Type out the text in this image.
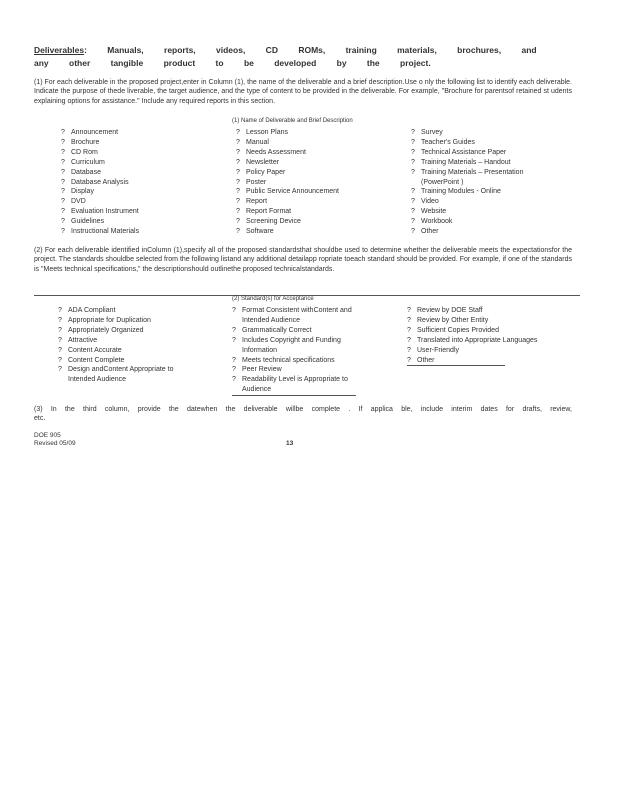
Deliverables: Manuals, reports, videos, CD ROMs, training materials, brochures, and any other tangible product to be developed by the project.
(1) For each deliverable in the proposed project,enter in Column (1), the name of the deliverable and a brief description.Use o nly the following list to identify each deliverable. Indicate the purpose of thede liverable, the target audience, and the type of content to be provided in the deliverable. For example, "Brochure for parentsof retained st udents explaining options for assistance." Include any required reports in this section.
(1) Name of Deliverable and Brief Description
? Announcement
? Brochure
? CD Rom
? Curriculum
? Database
? Database Analysis
? Display
? DVD
? Evaluation Instrument
? Guidelines
? Instructional Materials
? Lesson Plans
? Manual
? Needs Assessment
? Newsletter
? Policy Paper
? Poster
? Public Service Announcement
? Report
? Report Format
? Screening Device
? Software
? Survey
? Teacher's Guides
? Technical Assistance Paper
? Training Materials – Handout
? Training Materials – Presentation
(PowerPoint )
? Training Modules - Online
? Video
? Website
? Workbook
? Other
(2) For each deliverable identified inColumn (1),specify all of the proposed standardsthat shouldbe used to determine whether the deliverable meets the expectationsfor the project. The standards shouldbe selected from the following listand any additional detailapp ropriate toeach standard should be provided. For example, if one of the standards is "Meets technical specifications," the descriptionshould outlinethe proposed technicalstandards.
(2) Standard(s) for Acceptance
? ADA Compliant
? Appropriate for Duplication
? Appropriately Organized
? Attractive
? Content Accurate
? Content Complete
? Design andContent Appropriate to
Intended Audience
? Format Consistent withContent and
Intended Audience
? Grammatically Correct
? Includes Copyright and Funding
Information
? Meets technical specifications
? Peer Review
? Readability Level is Appropriate to
Audience
? Review by DOE Staff
? Review by Other Entity
? Sufficient Copies Provided
? Translated into Appropriate Languages
? User-Friendly
? Other
(3) In the third column, provide the datewhen the deliverable willbe complete . If applica ble, include interim dates for drafts, review, etc.
DOE 905
Revised 05/09	13
